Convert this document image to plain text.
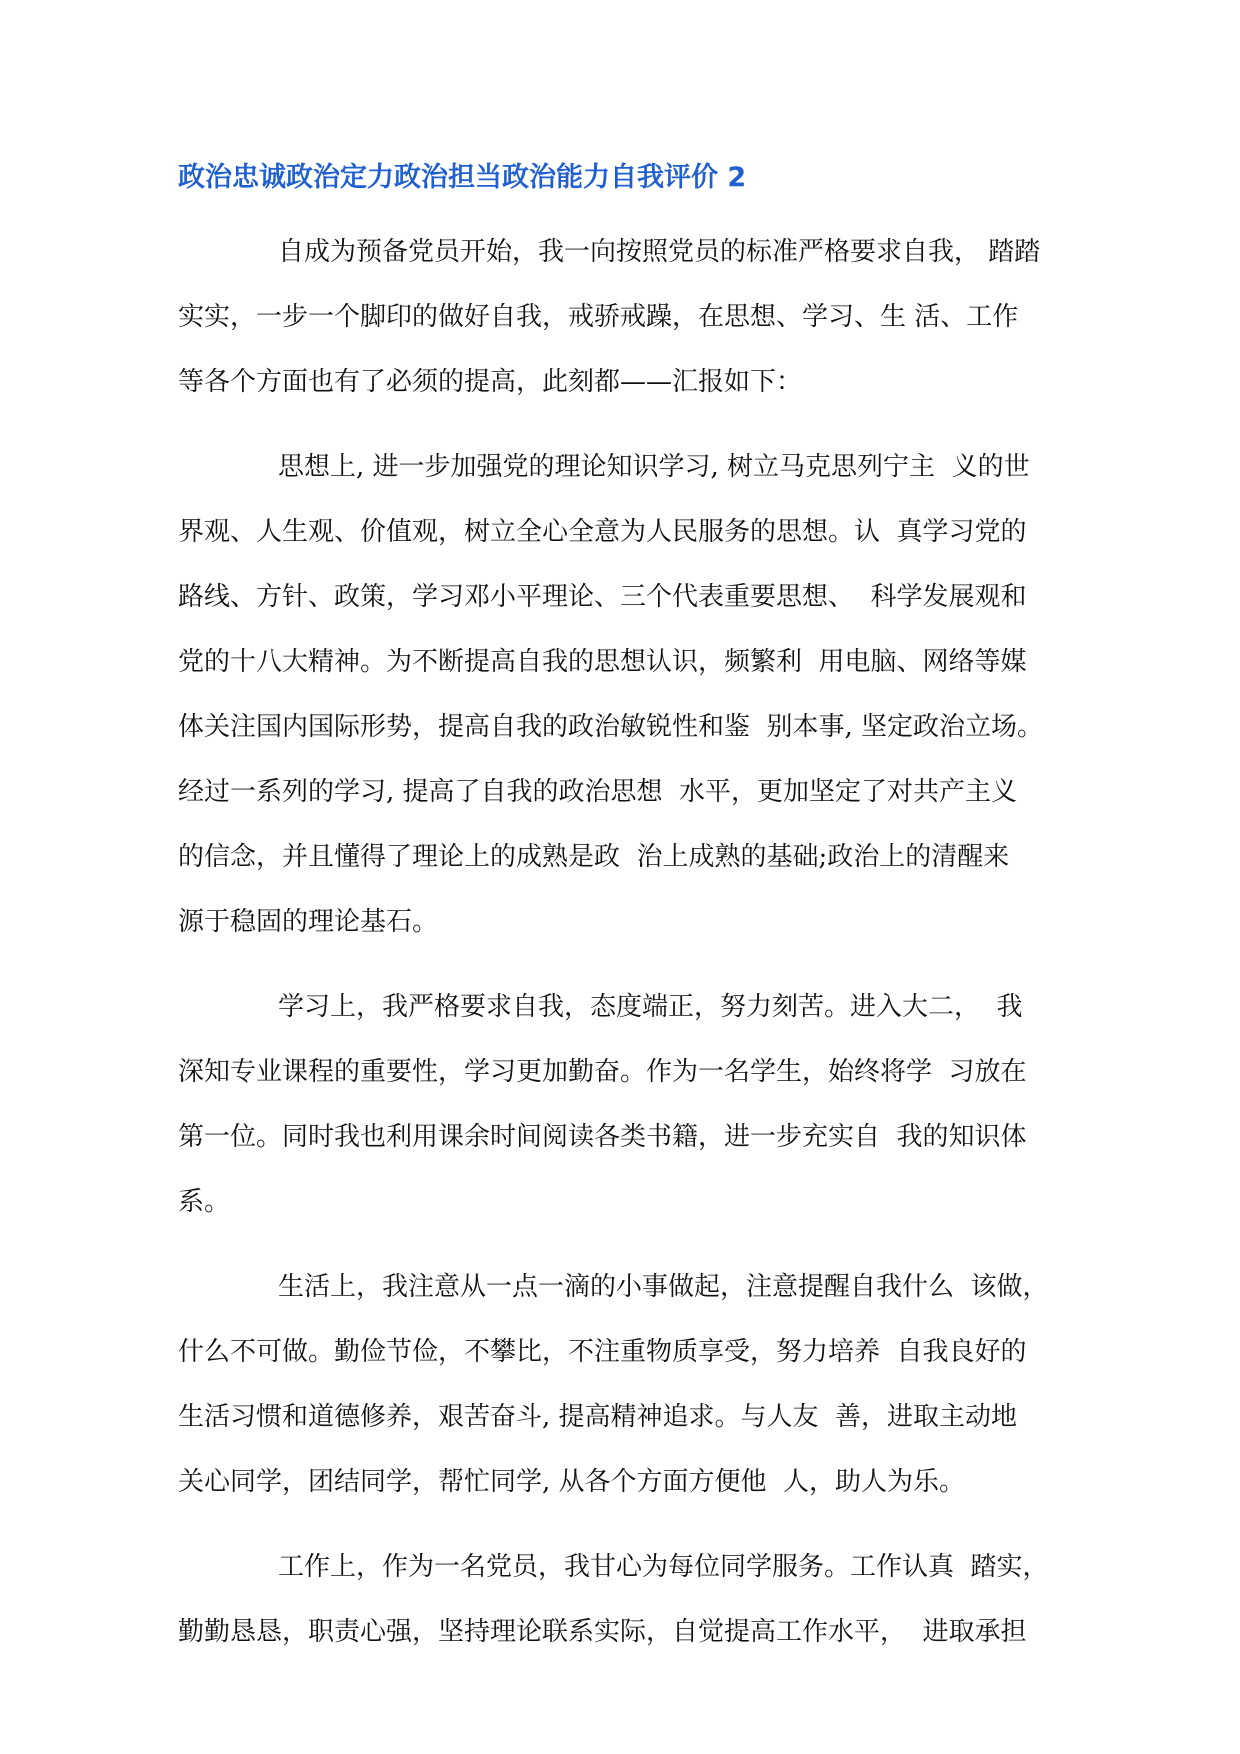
政治忠诚政治定力政治担当政治能力自我评价 2
自成为预备党员开始，我一向按照党员的标准严格要求自我， 踏踏
实实，一步一个脚印的做好自我，戒骄戒躁，在思想、学习、生 活、工作
等各个方面也有了必须的提高，此刻都——汇报如下：
思想上, 进一步加强党的理论知识学习, 树立马克思列宁主  义的世
界观、人生观、价值观，树立全心全意为人民服务的思想。认  真学习党的
路线、方针、政策，学习邓小平理论、三个代表重要思想、  科学发展观和
党的十八大精神。为不断提高自我的思想认识，频繁利  用电脑、网络等媒
体关注国内国际形势，提高自我的政治敏锐性和鉴  别本事, 坚定政治立场。
经过一系列的学习, 提高了自我的政治思想  水平，更加坚定了对共产主义
的信念，并且懂得了理论上的成熟是政  治上成熟的基础;政治上的清醒来
源于稳固的理论基石。
学习上，我严格要求自我，态度端正，努力刻苦。进入大二，  我
深知专业课程的重要性，学习更加勤奋。作为一名学生，始终将学  习放在
第一位。同时我也利用课余时间阅读各类书籍，进一步充实自  我的知识体
系。
生活上，我注意从一点一滴的小事做起，注意提醒自我什么  该做，
什么不可做。勤俭节俭，不攀比，不注重物质享受，努力培养  自我良好的
生活习惯和道德修养，艰苦奋斗, 提高精神追求。与人友  善，进取主动地
关心同学，团结同学，帮忙同学, 从各个方面方便他  人，助人为乐。
工作上，作为一名党员，我甘心为每位同学服务。工作认真  踏实，
勤勤恳恳，职责心强，坚持理论联系实际，自觉提高工作水平，  进取承担
